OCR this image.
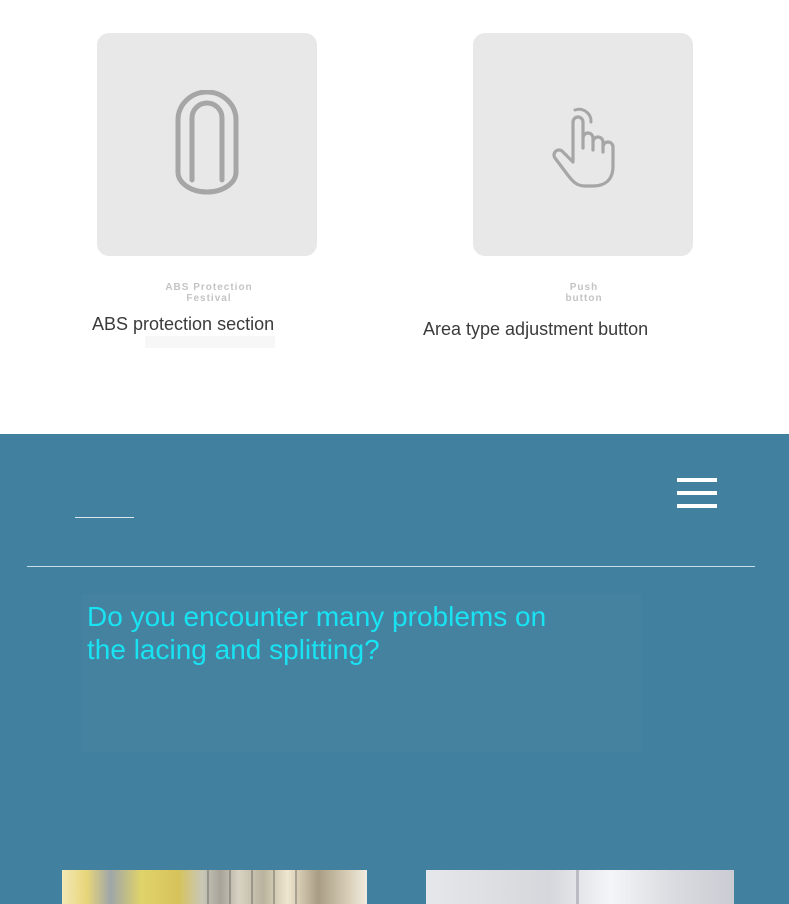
ABS Protection
Festival
Push
button
ABS protection section	Area type adjustment button
Do you encounter many problems on
the lacing and splitting?
